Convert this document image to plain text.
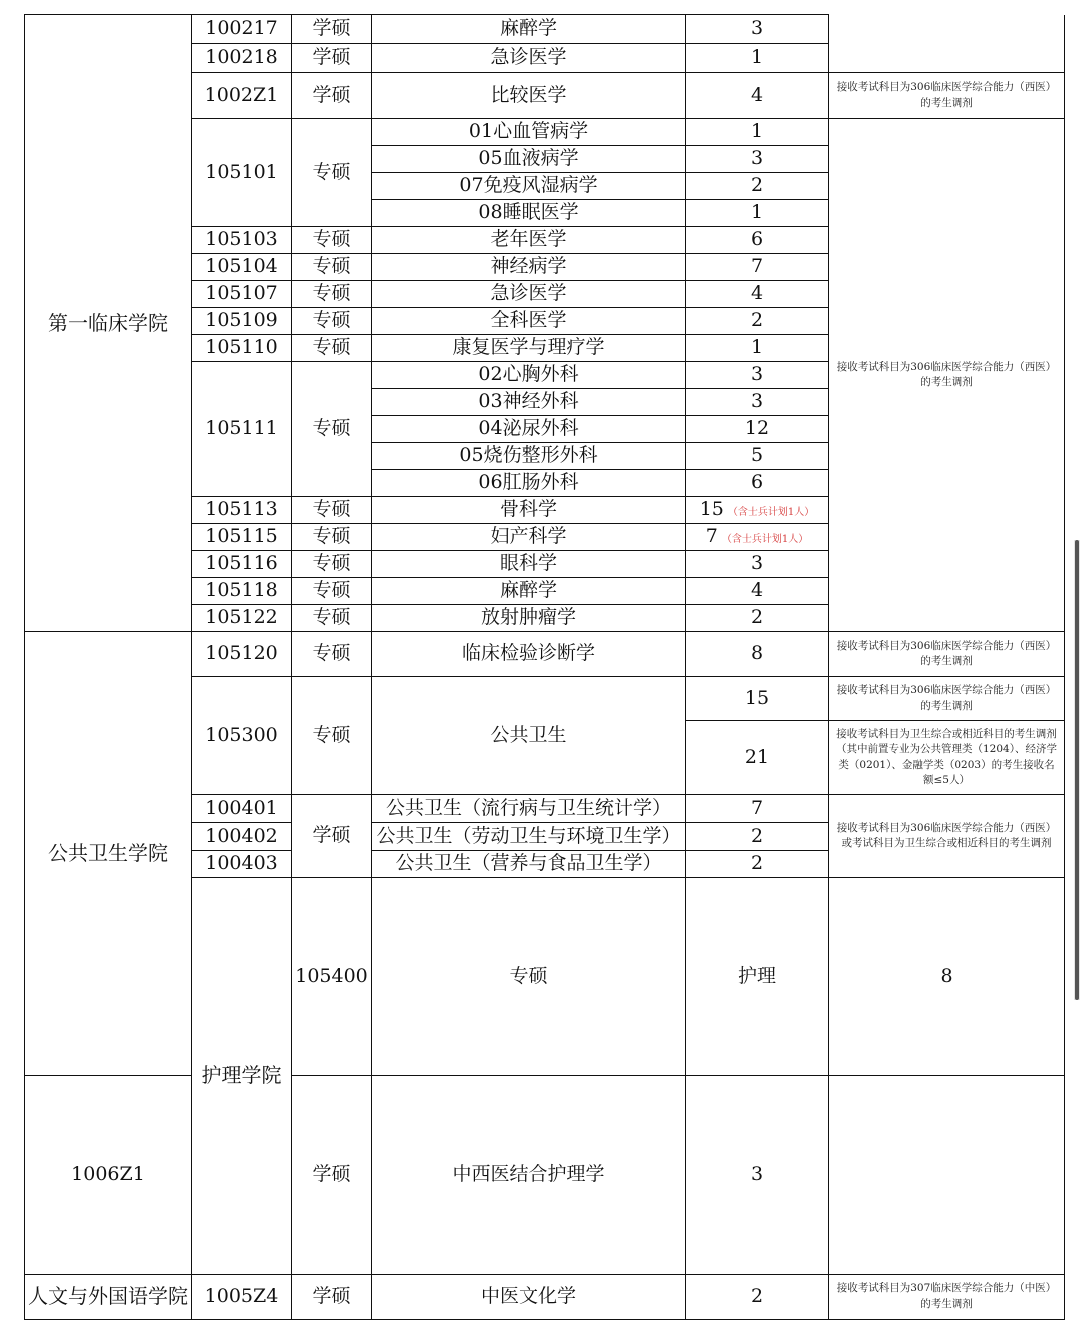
第一临床学院	100217	学硕	麻醉学	3		
	100218	学硕	急诊医学	1		
	1002Z1	学硕	比较医学	4	接收考试科目为306临床医学综合能力（西医）的考生调剂	
	105101	专硕	01心血管病学	1	接收考试科目为306临床医学综合能力（西医）的考生调剂	
			05血液病学	3		
			07免疫风湿病学	2		
			08睡眠医学	1		
	105103	专硕	老年医学	6		
	105104	专硕	神经病学	7		
	105107	专硕	急诊医学	4		
	105109	专硕	全科医学	2		
	105110	专硕	康复医学与理疗学	1		
	105111	专硕	02心胸外科	3		
			03神经外科	3		
			04泌尿外科	12		
			05烧伤整形外科	5		
			06肛肠外科	6		
	105113	专硕	骨科学	15 （含士兵计划1人）		
	105115	专硕	妇产科学	7 （含士兵计划1人）		
	105116	专硕	眼科学	3		
	105118	专硕	麻醉学	4		
	105122	专硕	放射肿瘤学	2		
公共卫生学院	105120	专硕	临床检验诊断学	8	接收考试科目为306临床医学综合能力（西医）的考生调剂	
	105300	专硕	公共卫生	15	接收考试科目为306临床医学综合能力（西医）的考生调剂	
				21	接收考试科目为卫生综合或相近科目的考生调剂（其中前置专业为公共管理类（1204）、经济学类（0201）、金融学类（0203）的考生接收名额≤5人）	
	100401	学硕	公共卫生（流行病与卫生统计学）	7	接收考试科目为306临床医学综合能力（西医）或考试科目为卫生综合或相近科目的考生调剂	
	100402		公共卫生（劳动卫生与环境卫生学）	2		
	100403		公共卫生（营养与食品卫生学）	2		
	护理学院	105400	专硕	护理	8	
1006Z1		学硕	中西医结合护理学	3		
人文与外国语学院	1005Z4	学硕	中医文化学	2	接收考试科目为307临床医学综合能力（中医）的考生调剂	
